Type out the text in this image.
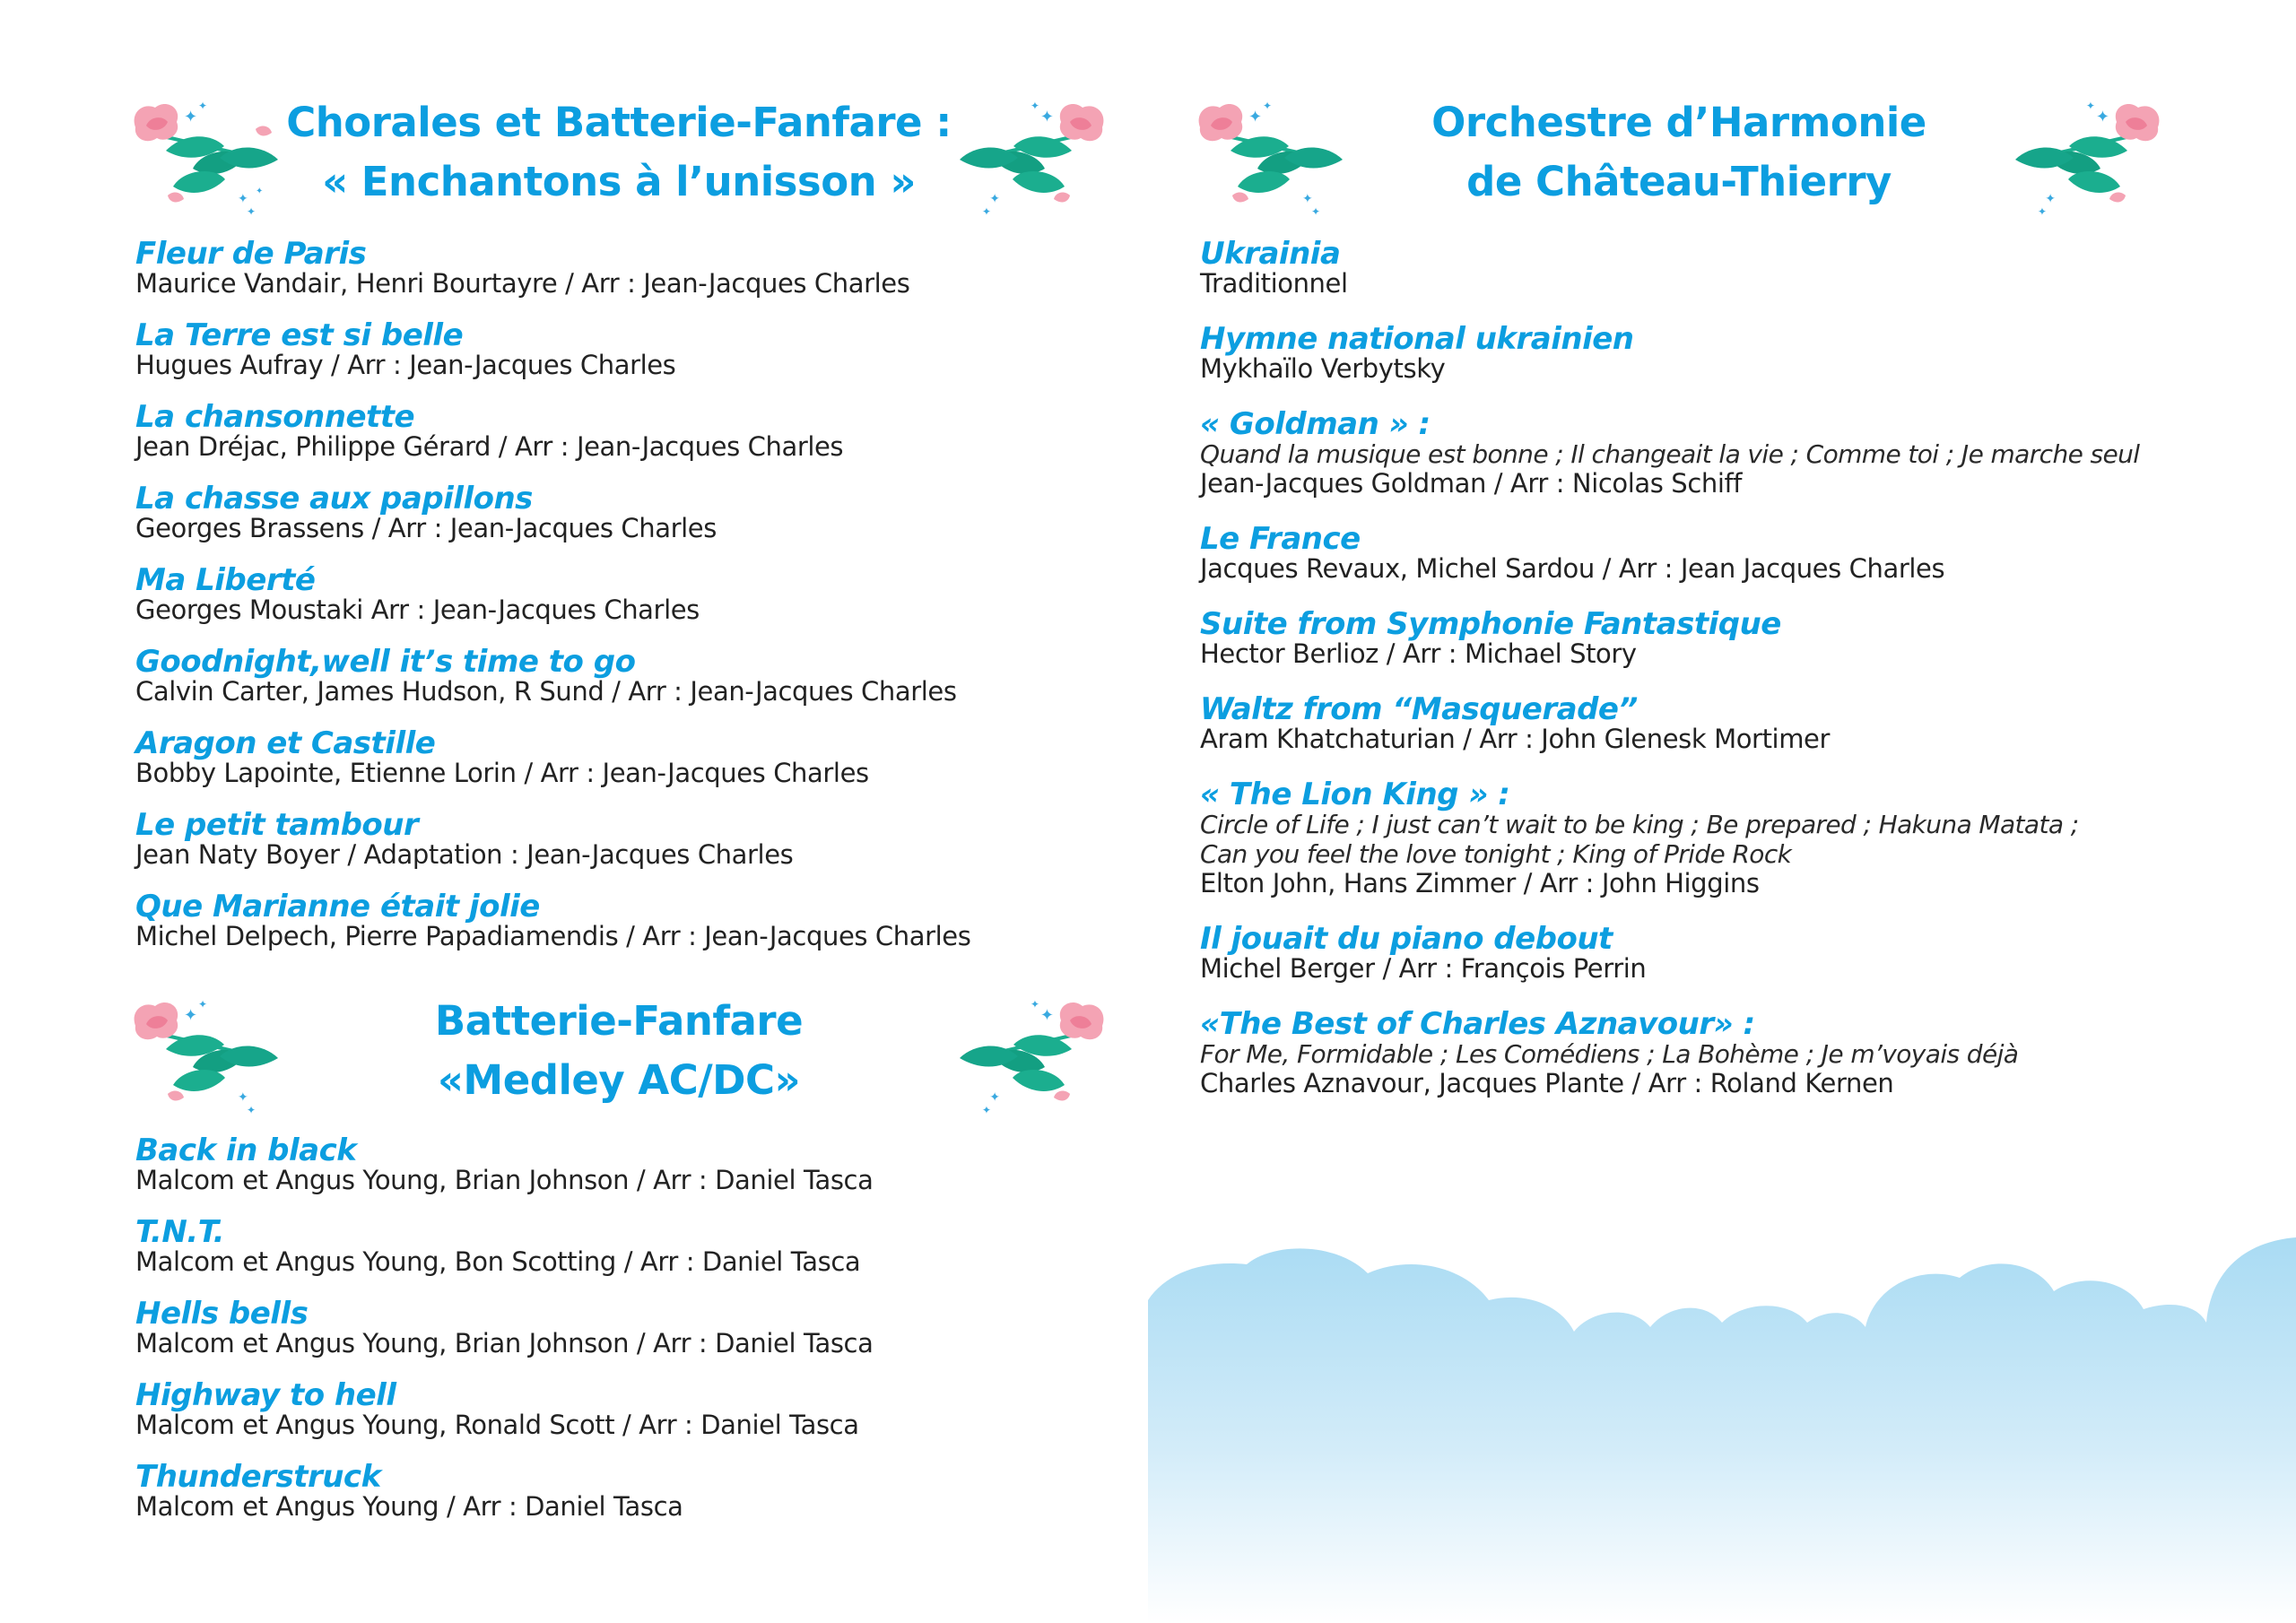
✦
✦
✦
✦
✦
Chorales et Batterie-Fanfare :
« Enchantons à l’unisson »
✦
✦
✦
✦
Fleur de Paris
Maurice Vandair, Henri Bourtayre / Arr : Jean-Jacques Charles
La Terre est si belle
Hugues Aufray / Arr : Jean-Jacques Charles
La chansonnette
Jean Dréjac, Philippe Gérard / Arr : Jean-Jacques Charles
La chasse aux papillons
Georges Brassens / Arr : Jean-Jacques Charles
Ma Liberté
Georges Moustaki Arr : Jean-Jacques Charles
Goodnight,well it’s time to go
Calvin Carter, James Hudson, R Sund / Arr : Jean-Jacques Charles
Aragon et Castille
Bobby Lapointe, Etienne Lorin / Arr : Jean-Jacques Charles
Le petit tambour
Jean Naty Boyer / Adaptation : Jean-Jacques Charles
Que Marianne était jolie
Michel Delpech, Pierre Papadiamendis / Arr : Jean-Jacques Charles
✦
✦
✦
✦
Batterie-Fanfare
«Medley AC/DC»
✦
✦
✦
✦
Back in black
Malcom et Angus Young, Brian Johnson / Arr : Daniel Tasca
T.N.T.
Malcom et Angus Young, Bon Scotting / Arr : Daniel Tasca
Hells bells
Malcom et Angus Young, Brian Johnson / Arr : Daniel Tasca
Highway to hell
Malcom et Angus Young, Ronald Scott / Arr : Daniel Tasca
Thunderstruck
Malcom et Angus Young / Arr : Daniel Tasca
✦
✦
✦
✦
Orchestre d’Harmonie
de Château-Thierry
✦
✦
✦
✦
Ukrainia
Traditionnel
Hymne national ukrainien
Mykhaïlo Verbytsky
« Goldman » :
Quand la musique est bonne ; Il changeait la vie ; Comme toi ; Je marche seul
Jean-Jacques Goldman / Arr : Nicolas Schiff
Le France
Jacques Revaux, Michel Sardou / Arr : Jean Jacques Charles
Suite from Symphonie Fantastique
Hector Berlioz / Arr : Michael Story
Waltz from “Masquerade”
Aram Khatchaturian / Arr : John Glenesk Mortimer
« The Lion King » :
Circle of Life ; I just can’t wait to be king ; Be prepared ; Hakuna Matata ;
Can you feel the love tonight ; King of Pride Rock
Elton John, Hans Zimmer / Arr : John Higgins
Il jouait du piano debout
Michel Berger / Arr : François Perrin
«The Best of Charles Aznavour» :
For Me, Formidable ; Les Comédiens ; La Bohème ; Je m’voyais déjà
Charles Aznavour, Jacques Plante / Arr : Roland Kernen
